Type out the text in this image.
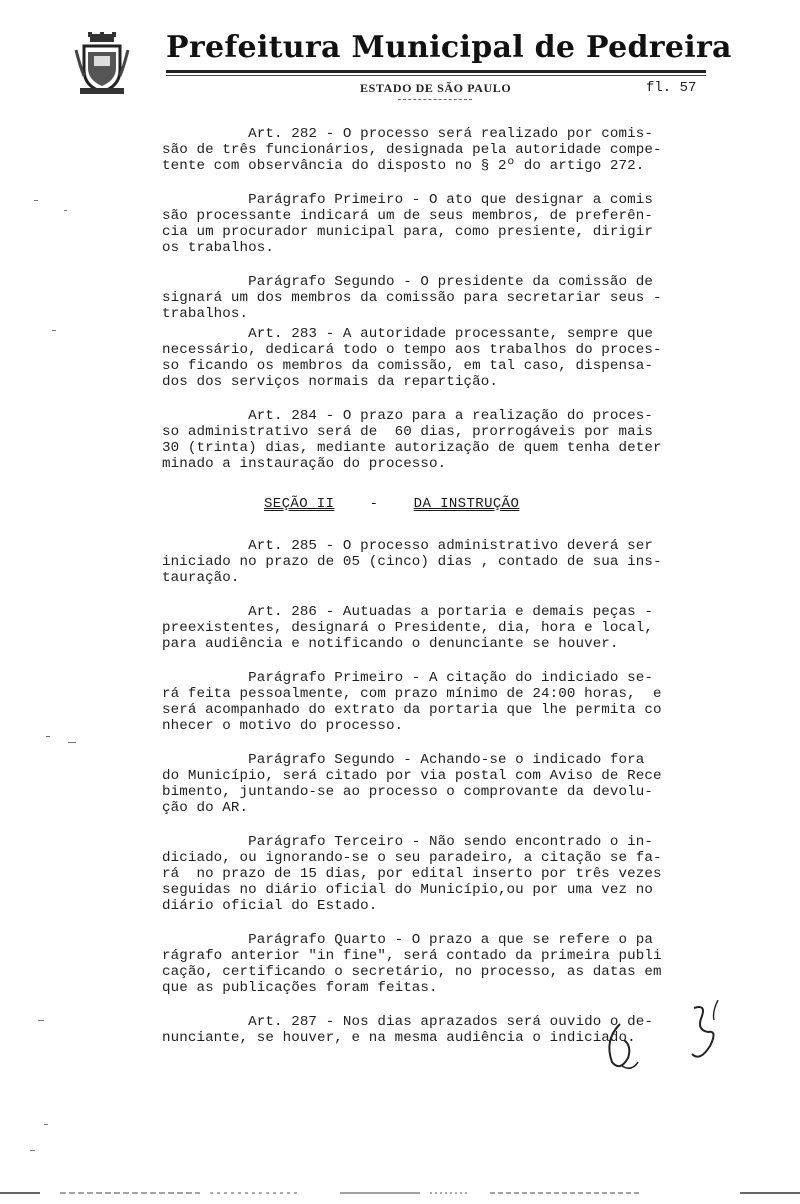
Prefeitura Municipal de Pedreira
ESTADO DE SÃO PAULO	fl. 57
Art. 282 - O processo será realizado por comis-
são de três funcionários, designada pela autoridade compe-
tente com observância do disposto no § 2º do artigo 272.
Parágrafo Primeiro - O ato que designar a comis
são processante indicará um de seus membros, de preferên-
cia um procurador municipal para, como presiente, dirigir
os trabalhos.
Parágrafo Segundo - O presidente da comissão de
signará um dos membros da comissão para secretariar seus -
trabalhos.
Art. 283 - A autoridade processante, sempre que
necessário, dedicará todo o tempo aos trabalhos do proces-
so ficando os membros da comissão, em tal caso, dispensa-
dos dos serviços normais da repartição.
Art. 284 - O prazo para a realização do proces-
so administrativo será de  60 dias, prorrogáveis por mais
30 (trinta) dias, mediante autorização de quem tenha deter
minado a instauração do processo.
SEÇÃO II	-	DA INSTRUÇÃO
Art. 285 - O processo administrativo deverá ser
iniciado no prazo de 05 (cinco) dias , contado de sua ins-
tauração.
Art. 286 - Autuadas a portaria e demais peças -
preexistentes, designará o Presidente, dia, hora e local,
para audiência e notificando o denunciante se houver.
Parágrafo Primeiro - A citação do indiciado se-
rá feita pessoalmente, com prazo mínimo de 24:00 horas,  e
será acompanhado do extrato da portaria que lhe permita co
nhecer o motivo do processo.
Parágrafo Segundo - Achando-se o indicado fora
do Município, será citado por via postal com Aviso de Rece
bimento, juntando-se ao processo o comprovante da devolu-
ção do AR.
Parágrafo Terceiro - Não sendo encontrado o in-
diciado, ou ignorando-se o seu paradeiro, a citação se fa-
rá  no prazo de 15 dias, por edital inserto por três vezes
seguidas no diário oficial do Município,ou por uma vez no
diário oficial do Estado.
Parágrafo Quarto - O prazo a que se refere o pa
rágrafo anterior "in fine", será contado da primeira publi
cação, certificando o secretário, no processo, as datas em
que as publicações foram feitas.
Art. 287 - Nos dias aprazados será ouvido o de-
nunciante, se houver, e na mesma audiência o indiciado.
